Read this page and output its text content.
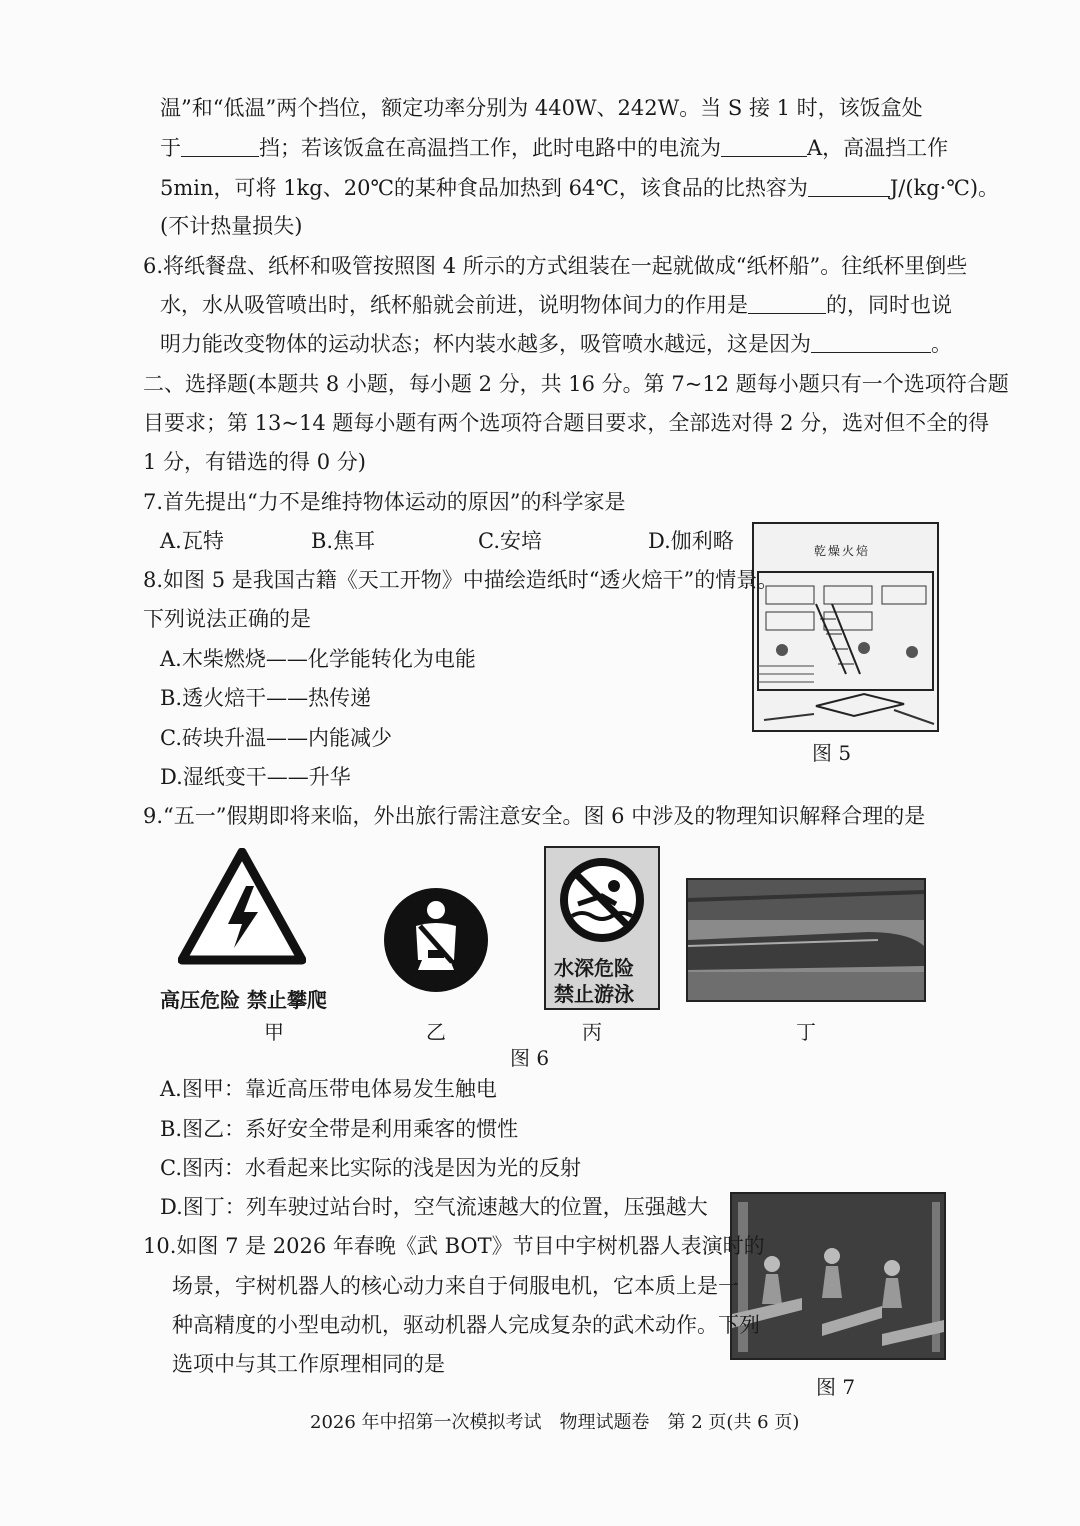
温”和“低温”两个挡位，额定功率分别为 440W、242W。当 S 接 1 时，该饭盒处
于	挡；若该饭盒在高温挡工作，此时电路中的电流为	A，高温挡工作
5min，可将 1kg、20℃的某种食品加热到 64℃，该食品的比热容为	J/(kg·℃)。
(不计热量损失)
6.将纸餐盘、纸杯和吸管按照图 4 所示的方式组装在一起就做成“纸杯船”。往纸杯里倒些
水，水从吸管喷出时，纸杯船就会前进，说明物体间力的作用是	的，同时也说
明力能改变物体的运动状态；杯内装水越多，吸管喷水越远，这是因为	。
二、选择题(本题共 8 小题，每小题 2 分，共 16 分。第 7~12 题每小题只有一个选项符合题
目要求；第 13~14 题每小题有两个选项符合题目要求，全部选对得 2 分，选对但不全的得
1 分，有错选的得 0 分)
7.首先提出“力不是维持物体运动的原因”的科学家是
A.瓦特	B.焦耳	C.安培	D.伽利略	乾燥火焙
图 5
8.如图 5 是我国古籍《天工开物》中描绘造纸时“透火焙干”的情景。
下列说法正确的是
A.木柴燃烧——化学能转化为电能
B.透火焙干——热传递
C.砖块升温——内能减少
D.湿纸变干——升华
9.“五一”假期即将来临，外出旅行需注意安全。图 6 中涉及的物理知识解释合理的是
高压危险 禁止攀爬
甲	乙
水深危险
禁止游泳
丙	丁
图 6
A.图甲：靠近高压带电体易发生触电
B.图乙：系好安全带是利用乘客的惯性
C.图丙：水看起来比实际的浅是因为光的反射
D.图丁：列车驶过站台时，空气流速越大的位置，压强越大
图 7
10.如图 7 是 2026 年春晚《武 BOT》节目中宇树机器人表演时的
场景，宇树机器人的核心动力来自于伺服电机，它本质上是一
种高精度的小型电动机，驱动机器人完成复杂的武术动作。下列
选项中与其工作原理相同的是
2026 年中招第一次模拟考试　物理试题卷　第 2 页(共 6 页)
